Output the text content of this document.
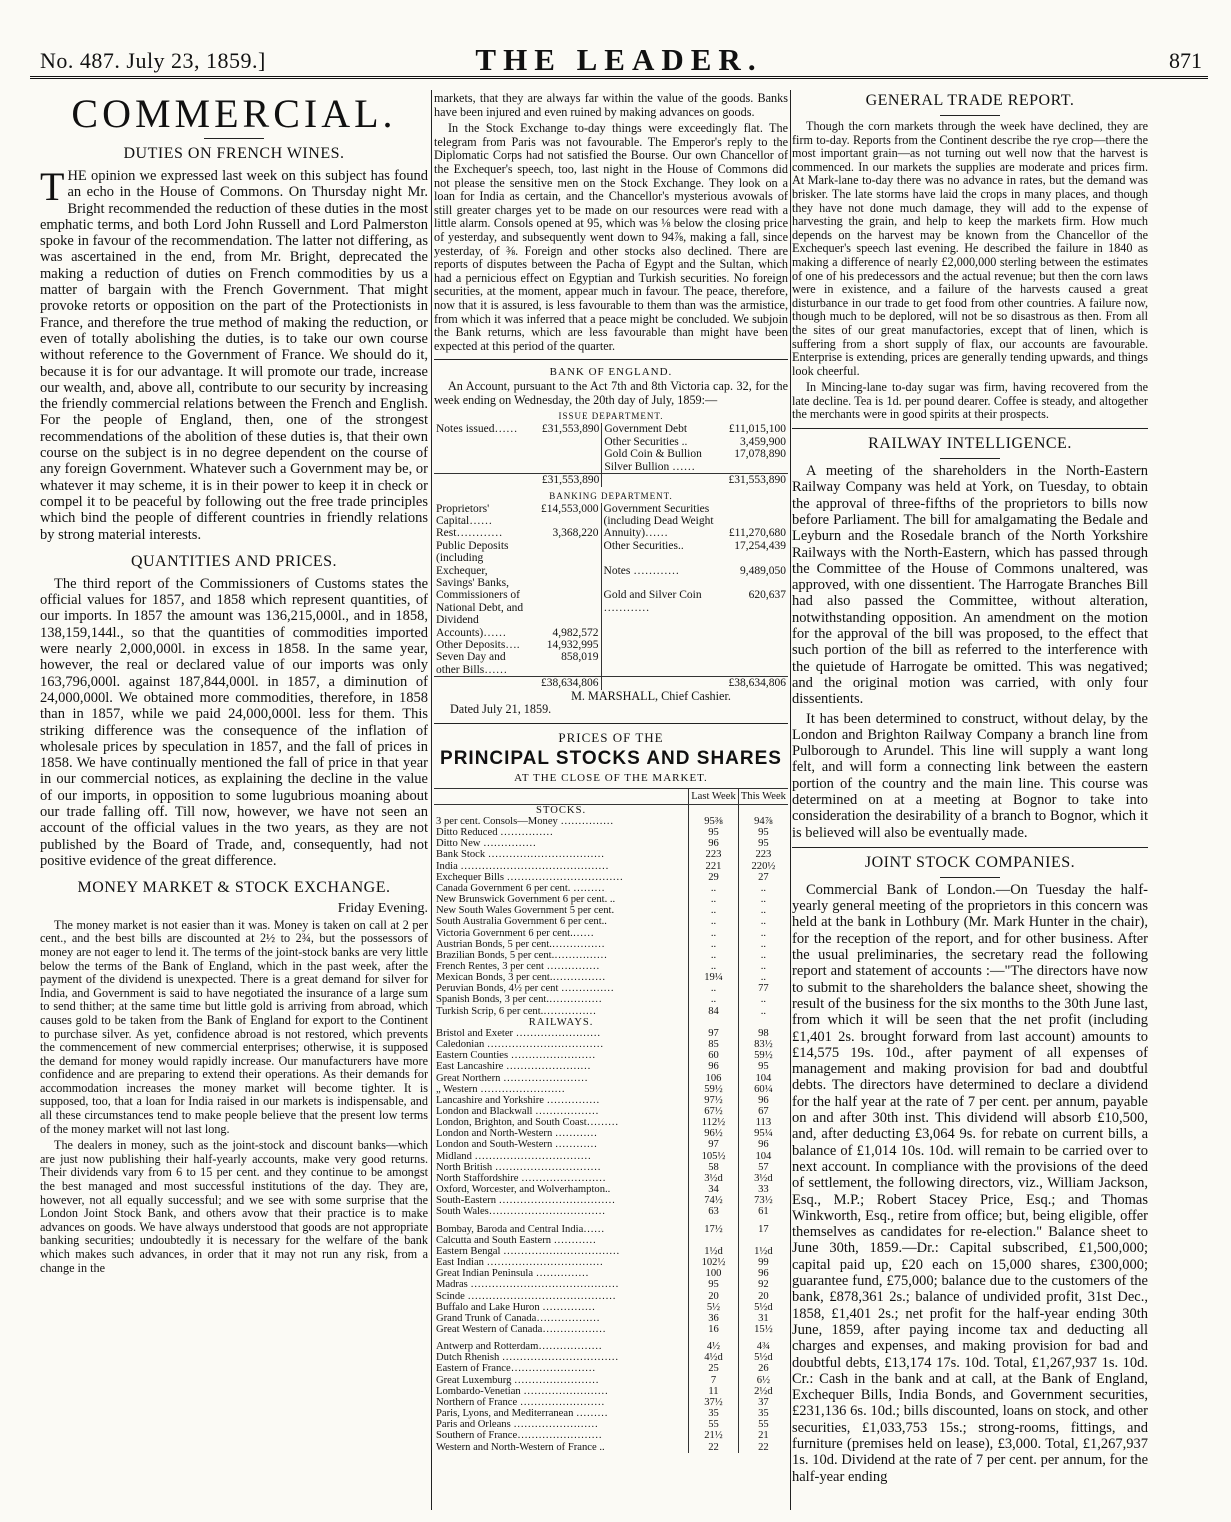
No. 487. July 23, 1859.]	THE LEADER.	871
COMMERCIAL.
DUTIES ON FRENCH WINES.
T HE opinion we expressed last week on this subject has found an echo in the House of Commons. On Thursday night Mr. Bright recommended the reduction of these duties in the most emphatic terms, and both Lord John Russell and Lord Palmerston spoke in favour of the recommendation. The latter not differing, as was ascertained in the end, from Mr. Bright, deprecated the making a reduction of duties on French commodities by us a matter of bargain with the French Government. That might provoke retorts or opposition on the part of the Protectionists in France, and therefore the true method of making the reduction, or even of totally abolishing the duties, is to take our own course without reference to the Government of France. We should do it, because it is for our advantage. It will promote our trade, increase our wealth, and, above all, contribute to our security by increasing the friendly commercial relations between the French and English. For the people of England, then, one of the strongest recommendations of the abolition of these duties is, that their own course on the subject is in no degree dependent on the course of any foreign Government. Whatever such a Government may be, or whatever it may scheme, it is in their power to keep it in check or compel it to be peaceful by following out the free trade principles which bind the people of different countries in friendly relations by strong material interests.

QUANTITIES AND PRICES.

The third report of the Commissioners of Customs states the official values for 1857, and 1858 which represent quantities, of our imports. In 1857 the amount was 136,215,000l., and in 1858, 138,159,144l., so that the quantities of commodities imported were nearly 2,000,000l. in excess in 1858. In the same year, however, the real or declared value of our imports was only 163,796,000l. against 187,844,000l. in 1857, a diminution of 24,000,000l. We obtained more commodities, therefore, in 1858 than in 1857, while we paid 24,000,000l. less for them. This striking difference was the consequence of the inflation of wholesale prices by speculation in 1857, and the fall of prices in 1858. We have continually mentioned the fall of price in that year in our commercial notices, as explaining the decline in the value of our imports, in opposition to some lugubrious moaning about our trade falling off. Till now, however, we have not seen an account of the official values in the two years, as they are not published by the Board of Trade, and, consequently, had not positive evidence of the great difference.

MONEY MARKET & STOCK EXCHANGE.

Friday Evening.

The money market is not easier than it was. Money is taken on call at 2 per cent., and the best bills are discounted at 2½ to 2¾, but the possessors of money are not eager to lend it. The terms of the joint-stock banks are very little below the terms of the Bank of England, which in the past week, after the payment of the dividend is unexpected. There is a great demand for silver for India, and Government is said to have negotiated the insurance of a large sum to send thither; at the same time but little gold is arriving from abroad, which causes gold to be taken from the Bank of England for export to the Continent to purchase silver. As yet, confidence abroad is not restored, which prevents the commencement of new commercial enterprises; otherwise, it is supposed the demand for money would rapidly increase. Our manufacturers have more confidence and are preparing to extend their operations. As their demands for accommodation increases the money market will become tighter. It is supposed, too, that a loan for India raised in our markets is indispensable, and all these circumstances tend to make people believe that the present low terms of the money market will not last long.

The dealers in money, such as the joint-stock and discount banks—which are just now publishing their half-yearly accounts, make very good returns. Their dividends vary from 6 to 15 per cent. and they continue to be amongst the best managed and most successful institutions of the day. They are, however, not all equally successful; and we see with some surprise that the London Joint Stock Bank, and others avow that their practice is to make advances on goods. We have always understood that goods are not appropriate banking securities; undoubtedly it is necessary for the welfare of the bank which makes such advances, in order that it may not run any risk, from a change in the

markets, that they are always far within the value of the goods. Banks have been injured and even ruined by making advances on goods.

In the Stock Exchange to-day things were exceedingly flat. The telegram from Paris was not favourable. The Emperor's reply to the Diplomatic Corps had not satisfied the Bourse. Our own Chancellor of the Exchequer's speech, too, last night in the House of Commons did not please the sensitive men on the Stock Exchange. They look on a loan for India as certain, and the Chancellor's mysterious avowals of still greater charges yet to be made on our resources were read with a little alarm. Consols opened at 95, which was ⅛ below the closing price of yesterday, and subsequently went down to 94⅞, making a fall, since yesterday, of ⅜. Foreign and other stocks also declined. There are reports of disputes between the Pacha of Egypt and the Sultan, which had a pernicious effect on Egyptian and Turkish securities. No foreign securities, at the moment, appear much in favour. The peace, therefore, now that it is assured, is less favourable to them than was the armistice, from which it was inferred that a peace might be concluded. We subjoin the Bank returns, which are less favourable than might have been expected at this period of the quarter.

BANK OF ENGLAND.

An Account, pursuant to the Act 7th and 8th Victoria cap. 32, for the week ending on Wednesday, the 20th day of July, 1859:—

ISSUE DEPARTMENT.
Notes issued……	£31,553,890	Government Debt	£11,015,100
		Other Securities ..	3,459,900
		Gold Coin & Bullion	17,078,890
		Silver Bullion ……	
	£31,553,890		£31,553,890
BANKING DEPARTMENT.
Proprietors' Capital……	£14,553,000	Government Securities (including Dead Weight Annuity)……	£11,270,680
Rest…………	3,368,220		
Public Deposits (including Exchequer, Savings' Banks, Commissioners of National Debt, and Dividend Accounts)……	4,982,572	Other Securities..	17,254,439
		Notes …………	9,489,050
		Gold and Silver Coin …………	620,637
Other Deposits….	14,932,995		
Seven Day and other Bills……	858,019		
	£38,634,806		£38,634,806
M. MARSHALL, Chief Cashier.
Dated July 21, 1859.
PRICES OF THE
PRINCIPAL STOCKS AND SHARES
AT THE CLOSE OF THE MARKET.
	Last Week	This Week
STOCKS.		
3 per cent. Consols—Money ……………	95⅜	94⅞
Ditto Reduced ……………	95	95
Ditto New ……………	96	95
Bank Stock ……………………………	223	223
India ……………………………………	221	220½
Exchequer Bills ……………………………	29	27
Canada Government 6 per cent. ………	..	..
New Brunswick Government 6 per cent. ..	..	..
New South Wales Government 5 per cent.	..	..
South Australia Government 6 per cent..	..	..
Victoria Government 6 per cent.……	..	..
Austrian Bonds, 5 per cent.……………	..	..
Brazilian Bonds, 5 per cent.……………	..	..
French Rentes, 3 per cent ……………	..	..
Mexican Bonds, 3 per cent.……………	19¼	..
Peruvian Bonds, 4½ per cent ……………	..	77
Spanish Bonds, 3 per cent.……………	..	..
Turkish Scrip, 6 per cent.……………	84	..
RAILWAYS.		
Bristol and Exeter ……………………	97	98
Caledonian ……………………………	85	83½
Eastern Counties ……………………	60	59½
East Lancashire ……………………	96	95
Great Northern ……………………	106	104
„ Western ……………………	59½	60¼
Lancashire and Yorkshire ……………	97½	96
London and Blackwall ………………	67½	67
London, Brighton, and South Coast………	112½	113
London and North-Western …………	96½	95¼
London and South-Western …………	97	96
Midland ……………………………	105½	104
North British …………………………	58	57
North Staffordshire ……………………	3½d	3½d
Oxford, Worcester, and Wolverhampton..	34	33
South-Eastern ……………………………	74½	73½
South Wales……………………………	63	61

Bombay, Baroda and Central India……	17½	17
Calcutta and South Eastern …………		
Eastern Bengal ……………………………	1½d	1½d
East Indian ……………………………	102½	99
Great Indian Peninsula ……………	100	96
Madras ……………………………………	95	92
Scinde ……………………………………	20	20
Buffalo and Lake Huron ……………	5½	5½d
Grand Trunk of Canada………………	36	31
Great Western of Canada………………	16	15½

Antwerp and Rotterdam………………	4½	4¾
Dutch Rhenish ……………………………	4½d	5½d
Eastern of France……………………	25	26
Great Luxemburg ……………………	7	6½
Lombardo-Venetian ……………………	11	2½d
Northern of France ……………………	37½	37
Paris, Lyons, and Mediterranean ………	35	35
Paris and Orleans ……………………	55	55
Southern of France……………………	21½	21
Western and North-Western of France ..	22	22
GENERAL TRADE REPORT.

Though the corn markets through the week have declined, they are firm to-day. Reports from the Continent describe the rye crop—there the most important grain—as not turning out well now that the harvest is commenced. In our markets the supplies are moderate and prices firm. At Mark-lane to-day there was no advance in rates, but the demand was brisker. The late storms have laid the crops in many places, and though they have not done much damage, they will add to the expense of harvesting the grain, and help to keep the markets firm. How much depends on the harvest may be known from the Chancellor of the Exchequer's speech last evening. He described the failure in 1840 as making a difference of nearly £2,000,000 sterling between the estimates of one of his predecessors and the actual revenue; but then the corn laws were in existence, and a failure of the harvests caused a great disturbance in our trade to get food from other countries. A failure now, though much to be deplored, will not be so disastrous as then. From all the sites of our great manufactories, except that of linen, which is suffering from a short supply of flax, our accounts are favourable. Enterprise is extending, prices are generally tending upwards, and things look cheerful.

In Mincing-lane to-day sugar was firm, having recovered from the late decline. Tea is 1d. per pound dearer. Coffee is steady, and altogether the merchants were in good spirits at their prospects.

RAILWAY INTELLIGENCE.

A meeting of the shareholders in the North-Eastern Railway Company was held at York, on Tuesday, to obtain the approval of three-fifths of the proprietors to bills now before Parliament. The bill for amalgamating the Bedale and Leyburn and the Rosedale branch of the North Yorkshire Railways with the North-Eastern, which has passed through the Committee of the House of Commons unaltered, was approved, with one dissentient. The Harrogate Branches Bill had also passed the Committee, without alteration, notwithstanding opposition. An amendment on the motion for the approval of the bill was proposed, to the effect that such portion of the bill as referred to the interference with the quietude of Harrogate be omitted. This was negatived; and the original motion was carried, with only four dissentients.

It has been determined to construct, without delay, by the London and Brighton Railway Company a branch line from Pulborough to Arundel. This line will supply a want long felt, and will form a connecting link between the eastern portion of the country and the main line. This course was determined on at a meeting at Bognor to take into consideration the desirability of a branch to Bognor, which it is believed will also be eventually made.

JOINT STOCK COMPANIES.

Commercial Bank of London.—On Tuesday the half-yearly general meeting of the proprietors in this concern was held at the bank in Lothbury (Mr. Mark Hunter in the chair), for the reception of the report, and for other business. After the usual preliminaries, the secretary read the following report and statement of accounts :—"The directors have now to submit to the shareholders the balance sheet, showing the result of the business for the six months to the 30th June last, from which it will be seen that the net profit (including £1,401 2s. brought forward from last account) amounts to £14,575 19s. 10d., after payment of all expenses of management and making provision for bad and doubtful debts. The directors have determined to declare a dividend for the half year at the rate of 7 per cent. per annum, payable on and after 30th inst. This dividend will absorb £10,500, and, after deducting £3,064 9s. for rebate on current bills, a balance of £1,014 10s. 10d. will remain to be carried over to next account. In compliance with the provisions of the deed of settlement, the following directors, viz., William Jackson, Esq., M.P.; Robert Stacey Price, Esq.; and Thomas Winkworth, Esq., retire from office; but, being eligible, offer themselves as candidates for re-election." Balance sheet to June 30th, 1859.—Dr.: Capital subscribed, £1,500,000; capital paid up, £20 each on 15,000 shares, £300,000; guarantee fund, £75,000; balance due to the customers of the bank, £878,361 2s.; balance of undivided profit, 31st Dec., 1858, £1,401 2s.; net profit for the half-year ending 30th June, 1859, after paying income tax and deducting all charges and expenses, and making provision for bad and doubtful debts, £13,174 17s. 10d. Total, £1,267,937 1s. 10d. Cr.: Cash in the bank and at call, at the Bank of England, Exchequer Bills, India Bonds, and Government securities, £231,136 6s. 10d.; bills discounted, loans on stock, and other securities, £1,033,753 15s.; strong-rooms, fittings, and furniture (premises held on lease), £3,000. Total, £1,267,937 1s. 10d. Dividend at the rate of 7 per cent. per annum, for the half-year ending
